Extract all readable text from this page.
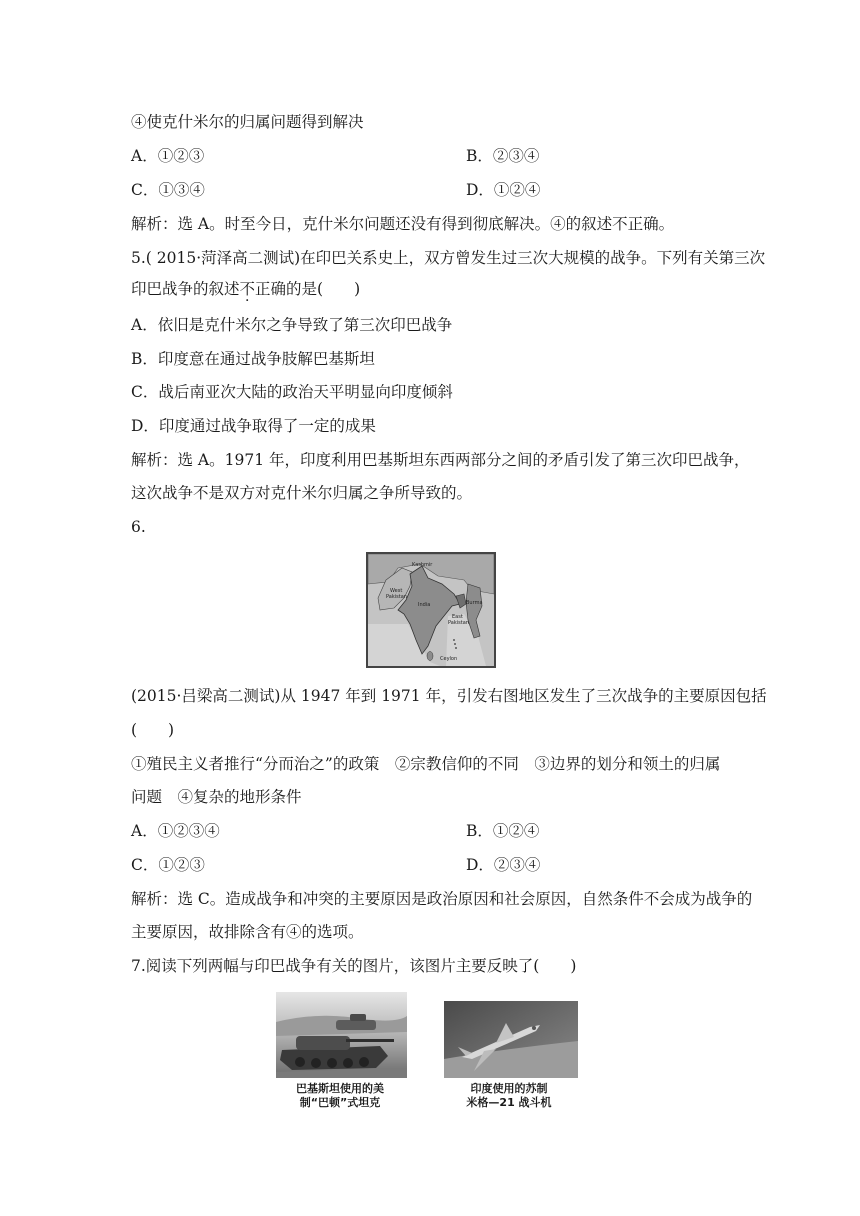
④使克什米尔的归属问题得到解决
A．①②③	B．②③④
C．①③④	D．①②④
解析：选 A。时至今日，克什米尔问题还没有得到彻底解决。④的叙述不正确。
5.( 2015·菏泽高二测试)在印巴关系史上，双方曾发生过三次大规模的战争。下列有关第三次
印巴战争的叙述不正确的是(　　)
A．依旧是克什米尔之争导致了第三次印巴战争
B．印度意在通过战争肢解巴基斯坦
C．战后南亚次大陆的政治天平明显向印度倾斜
D．印度通过战争取得了一定的成果
解析：选 A。1971 年，印度利用巴基斯坦东西两部分之间的矛盾引发了第三次印巴战争，
这次战争不是双方对克什米尔归属之争所导致的。
6.
Kashmir
West
Pakistan
India	Burma
East
Pakistan
Ceylon
(2015·吕梁高二测试)从 1947 年到 1971 年，引发右图地区发生了三次战争的主要原因包括
(　　)
①殖民主义者推行“分而治之”的政策　②宗教信仰的不同　③边界的划分和领土的归属
问题　④复杂的地形条件
A．①②③④	B．①②④
C．①②③	D．②③④
解析：选 C。造成战争和冲突的主要原因是政治原因和社会原因，自然条件不会成为战争的
主要原因，故排除含有④的选项。
7.阅读下列两幅与印巴战争有关的图片，该图片主要反映了(　　)
巴基斯坦使用的美
制“巴顿”式坦克
印度使用的苏制
米格—21 战斗机
